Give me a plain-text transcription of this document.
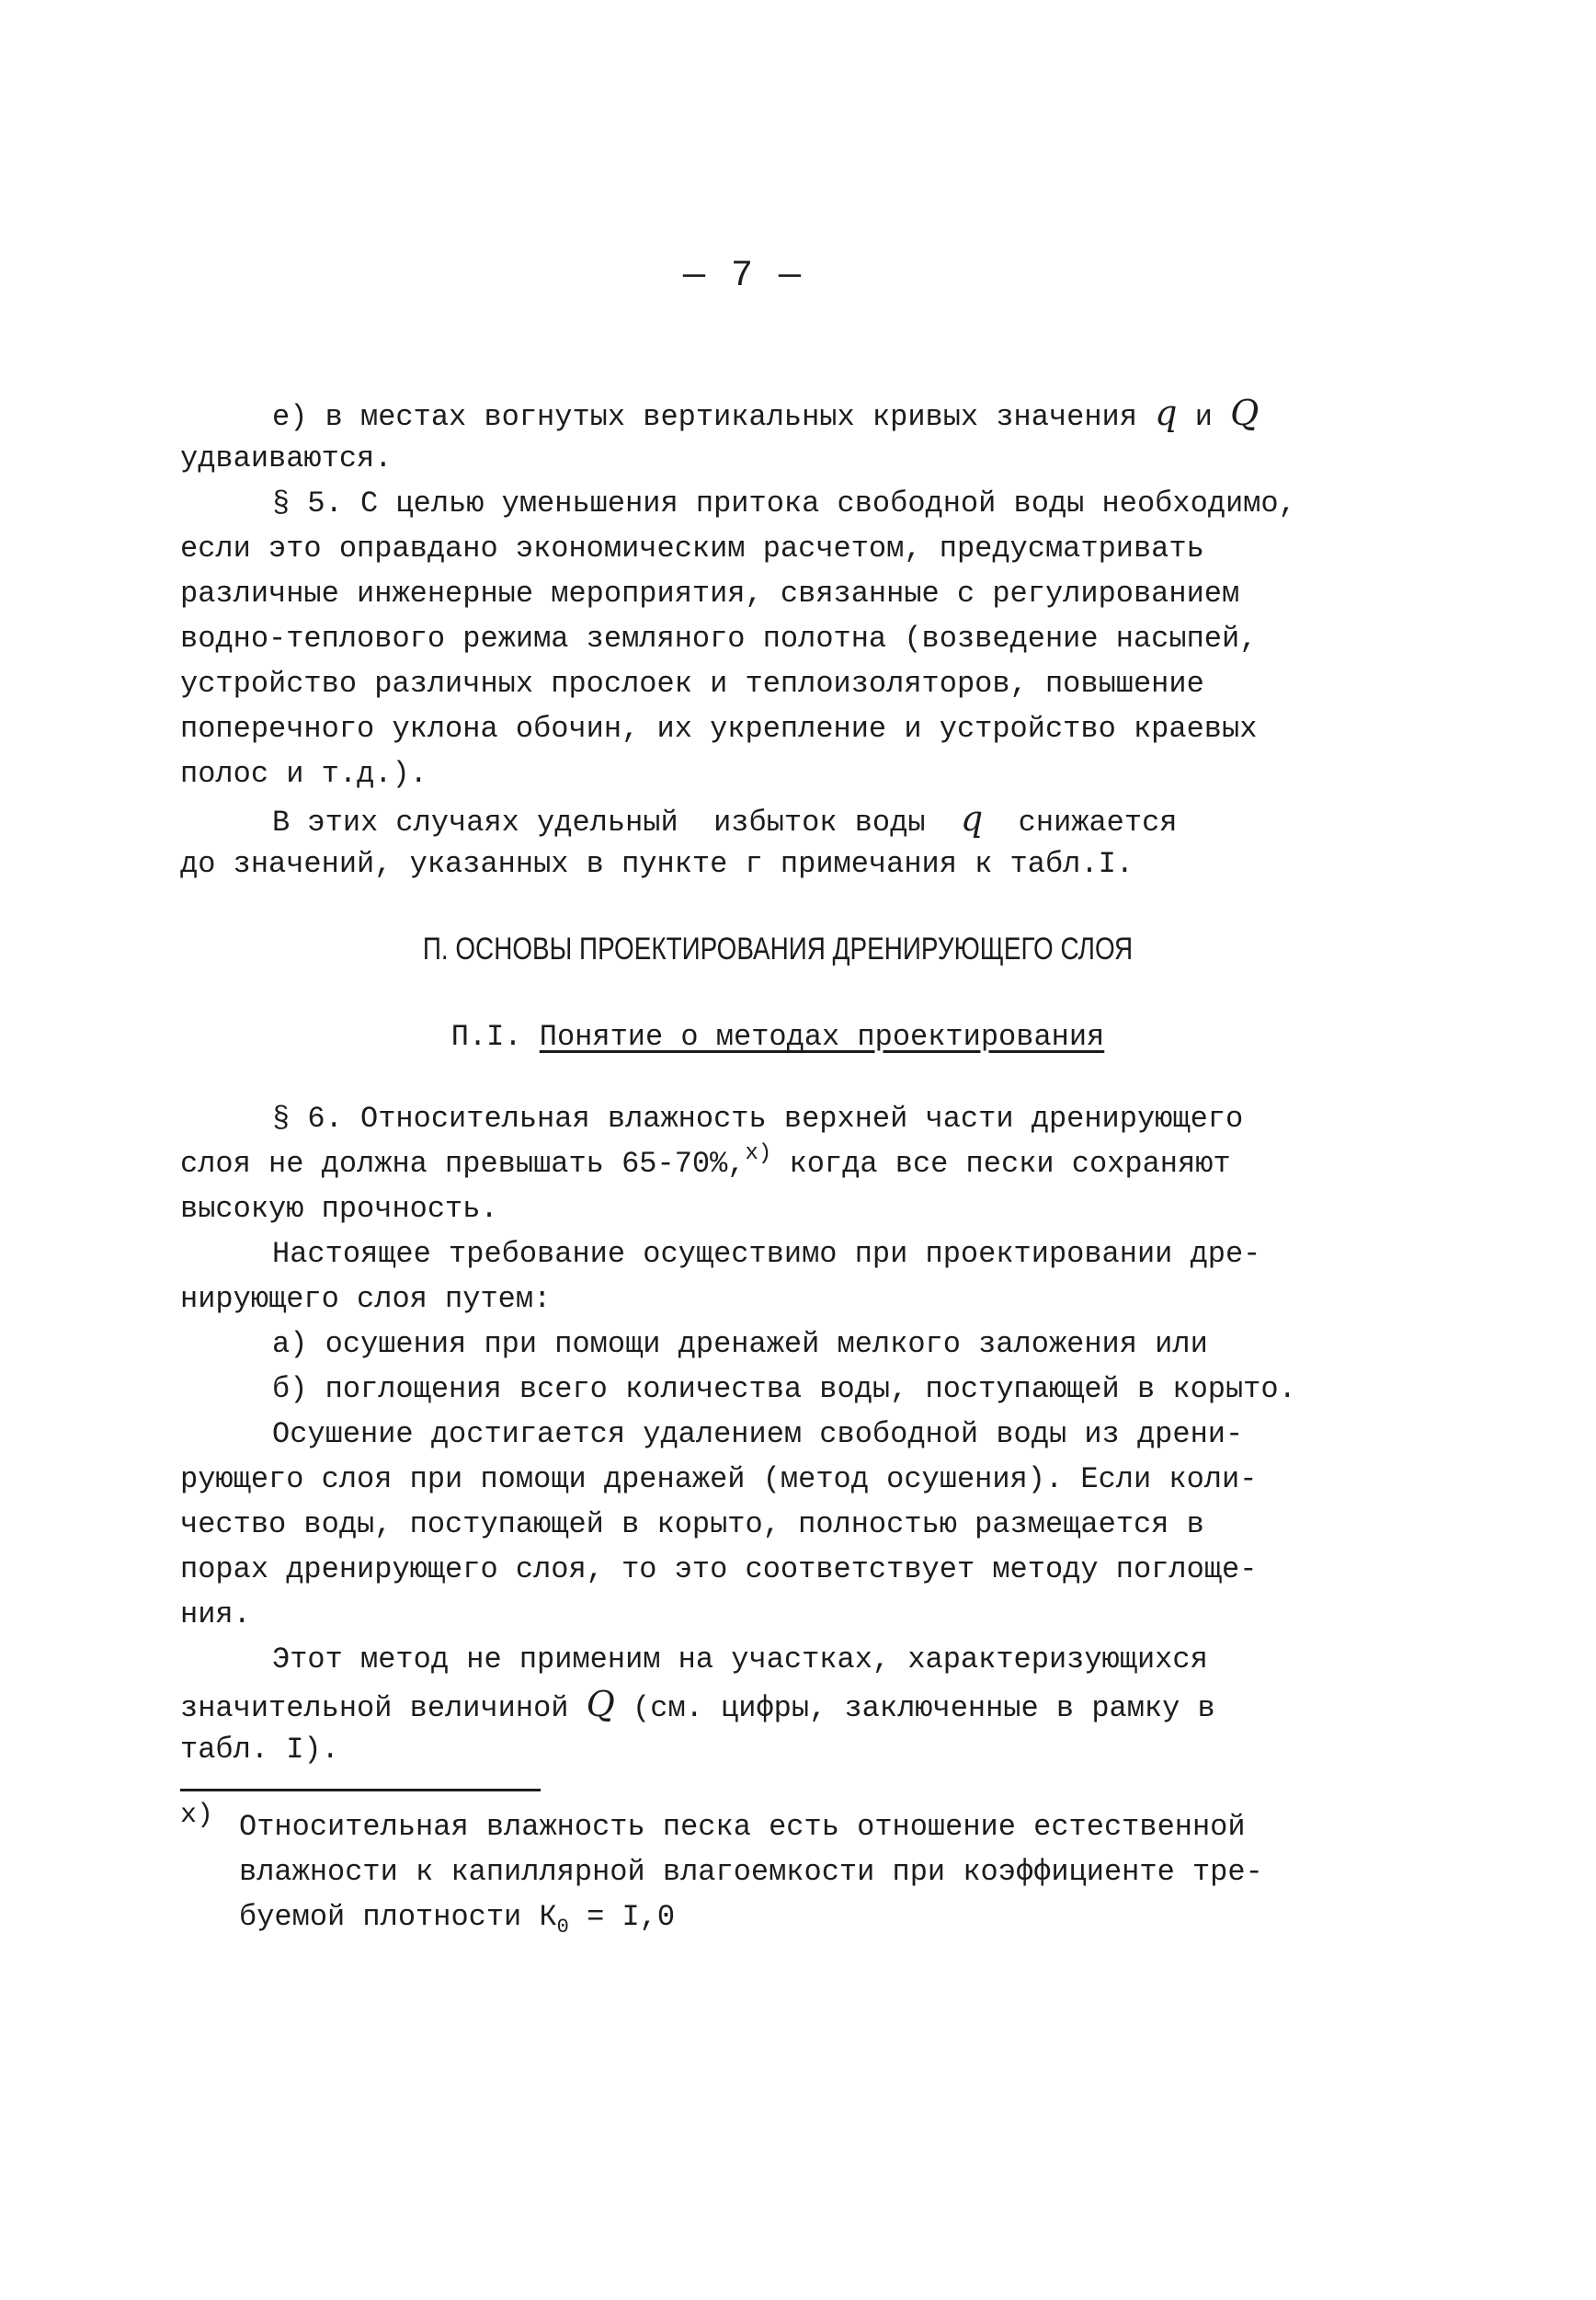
— 7 —
е) в местах вогнутых вертикальных кривых значения q и Q
удваиваются.
§ 5. С целью уменьшения притока свободной воды необходимо,
если это оправдано экономическим расчетом, предусматривать
различные инженерные мероприятия, связанные с регулированием
водно-теплового режима земляного полотна (возведение насыпей,
устройство различных прослоек и теплоизоляторов, повышение
поперечного уклона обочин, их укрепление и устройство краевых
полос и т.д.).
В этих случаях удельный  избыток воды  q  снижается
до значений, указанных в пункте г примечания к табл.I.
П. ОСНОВЫ ПРОЕКТИРОВАНИЯ ДРЕНИРУЮЩЕГО СЛОЯ
П.I. Понятие о методах проектирования
§ 6. Относительная влажность верхней части дренирующего
слоя не должна превышать 65-70%,$^{x)}$ когда все пески сохраняют
высокую прочность.
Настоящее требование осуществимо при проектировании дре-
нирующего слоя путем:
а) осушения при помощи дренажей мелкого заложения или
б) поглощения всего количества воды, поступающей в корыто.
Осушение достигается удалением свободной воды из дрени-
рующего слоя при помощи дренажей (метод осушения). Если коли-
чество воды, поступающей в корыто, полностью размещается в
порах дренирующего слоя, то это соответствует методу поглоще-
ния.
Этот метод не применим на участках, характеризующихся
значительной величиной Q (см. цифры, заключенные в рамку в
табл. I).
x) Относительная влажность песка есть отношение естественной
влажности к капиллярной влагоемкости при коэффициенте тре-
буемой плотности $К_0 = I,0$
